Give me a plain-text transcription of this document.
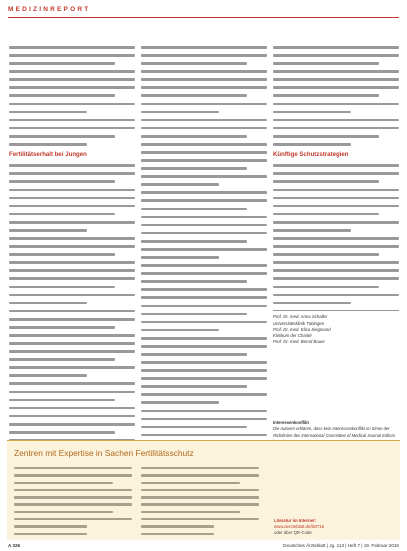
MEDIZINREPORT
Fertilitätserhalt bei Jungen	Künftige Schutzstrategien
Prof. Dr. med. Anna Schaller
Universitätsklinik Tübingen
Prof. Dr. med. Elisa Siegmund
Klinikum der Charité
Prof. Dr. med. Bernd Bauer
Interessenkonflikt
Die Autoren erklären, dass kein Interessenkonflikt im Sinne der Richtlinien des International Committee of Medical Journal Editors
Zentren mit Expertise in Sachen Fertilitätsschutz
Literatur im Internet:
www.aerzteblatt.de/lit0716
oder über QR-Code
A 326	Deutsches Ärzteblatt | Jg. 113 | Heft 7 | 19. Februar 2016
